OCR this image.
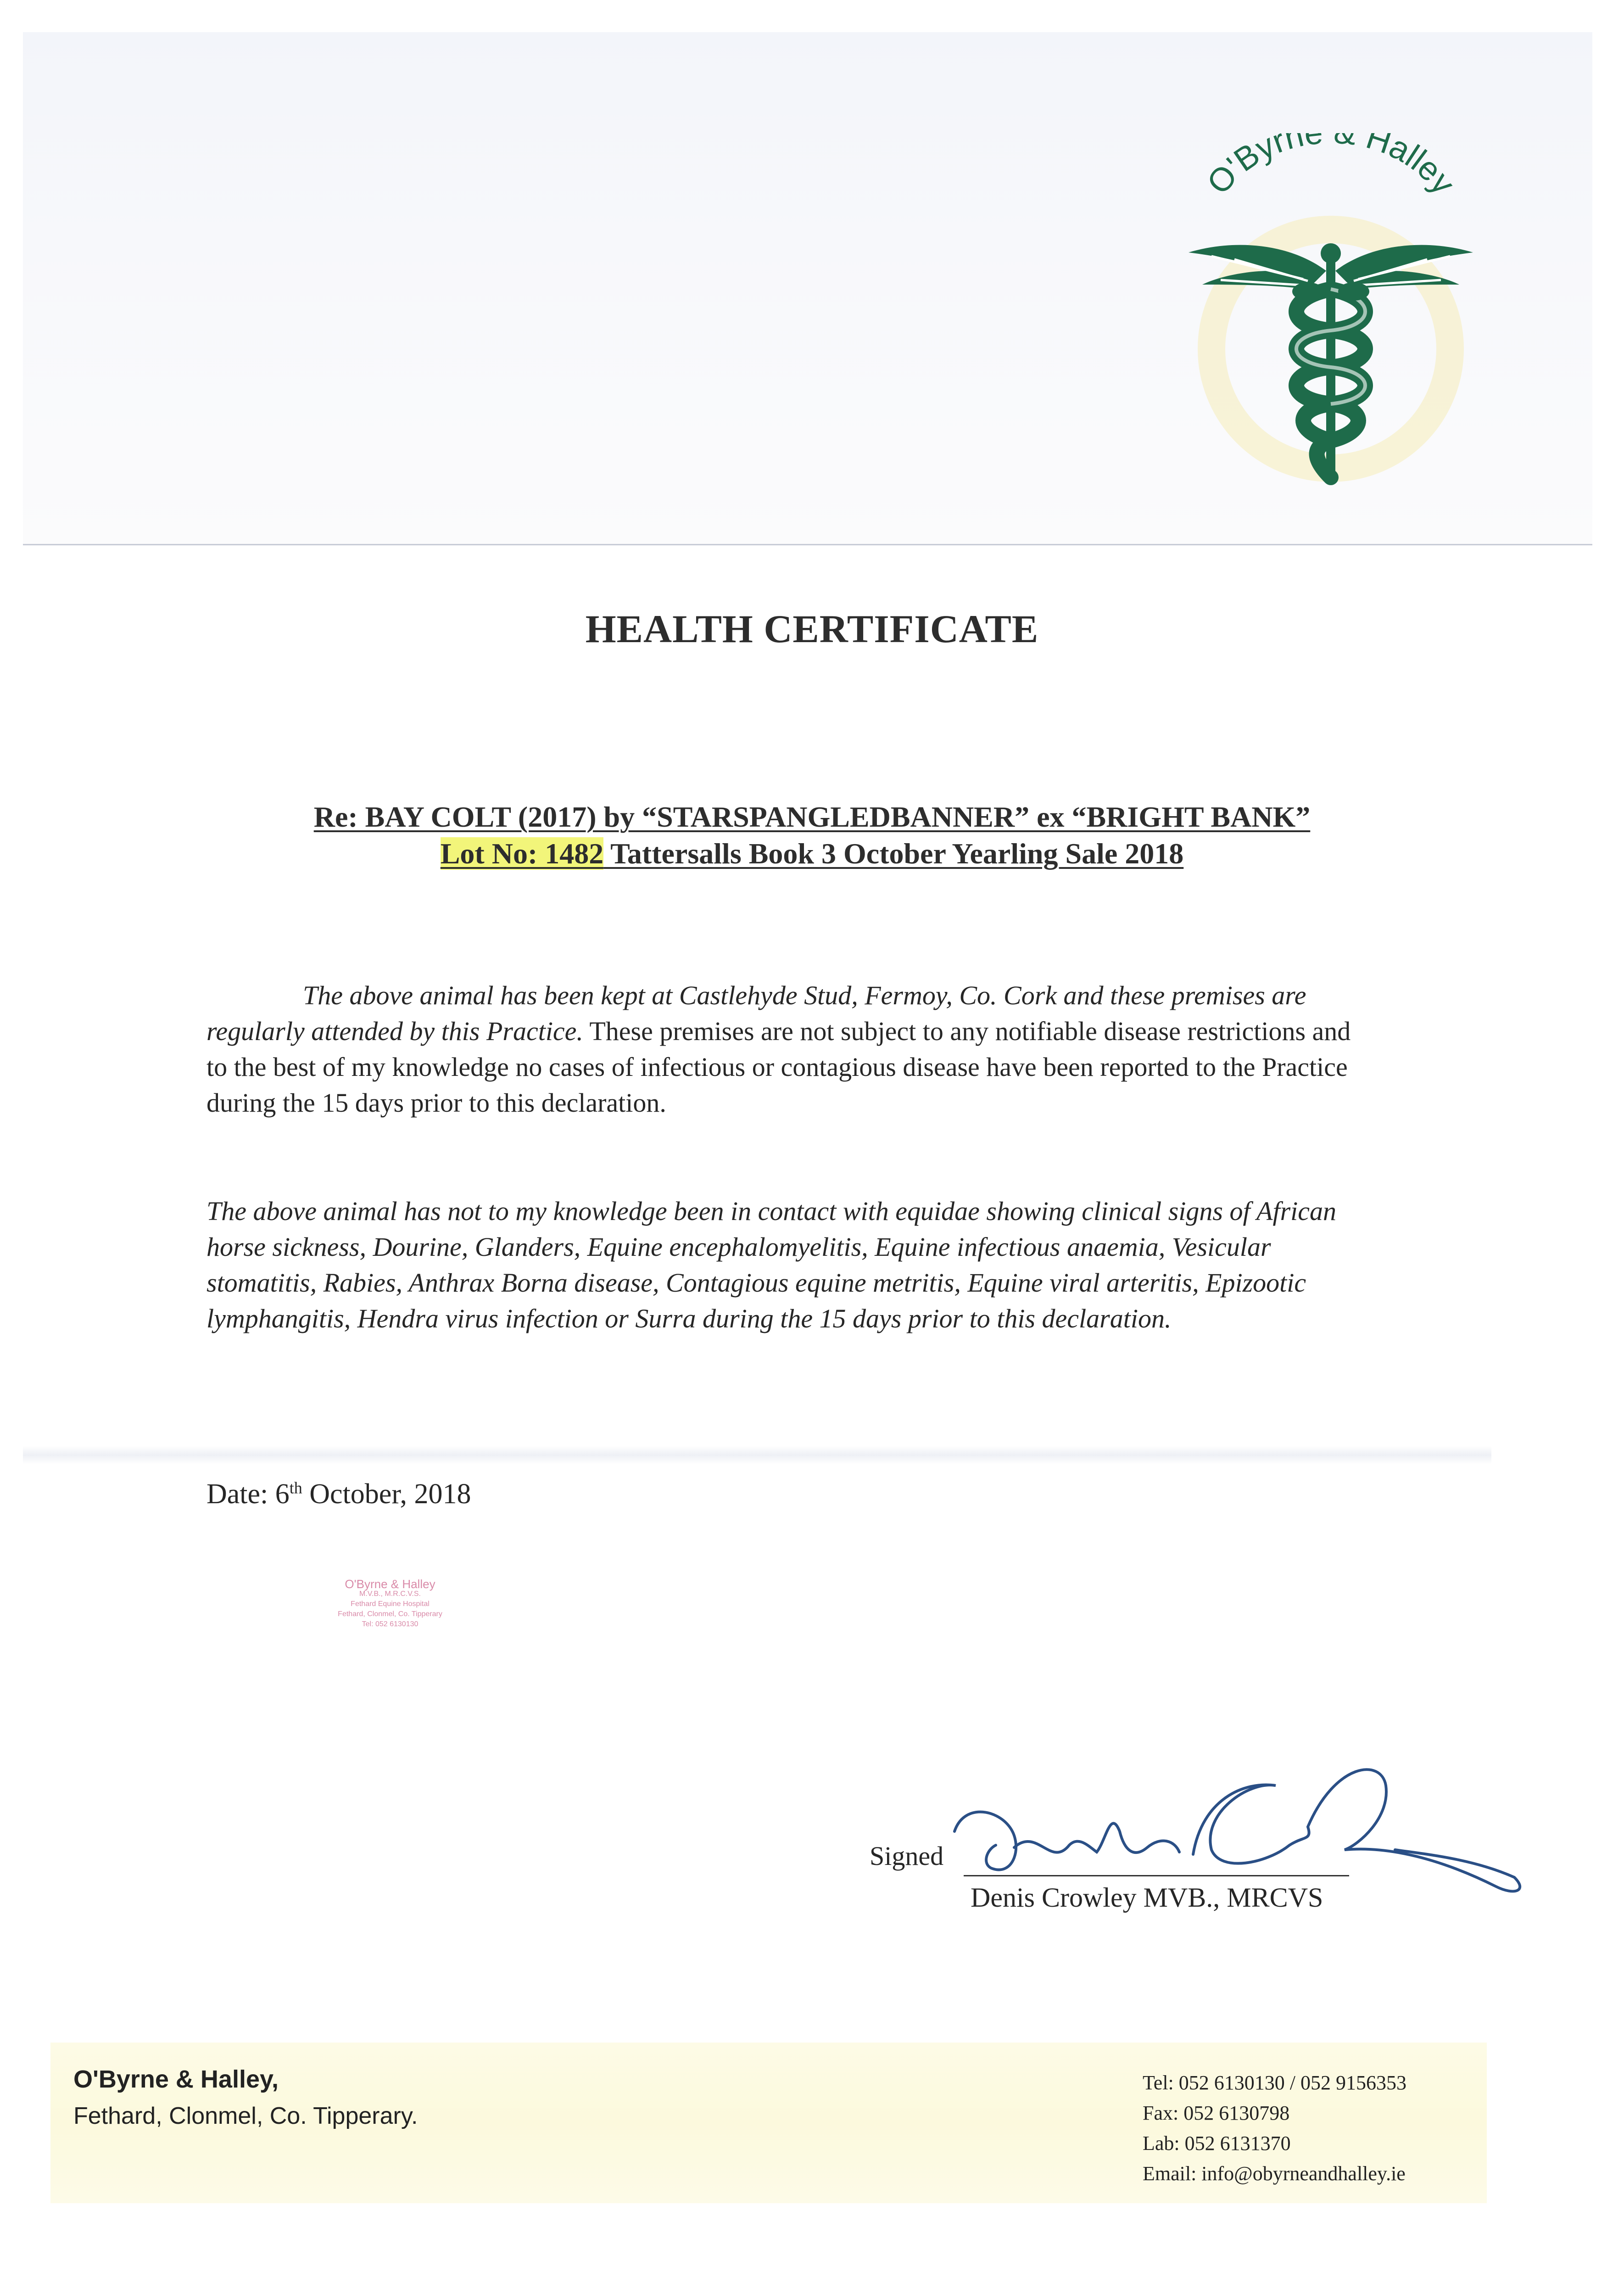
O'Byrne Halley
HEALTH CERTIFICATE
Re: BAY COLT (2017) by “STARSPANGLEDBANNER” ex “BRIGHT BANK”
Lot No: 1482 Tattersalls Book 3 October Yearling Sale 2018
The above animal has been kept at Castlehyde Stud, Fermoy, Co. Cork and these premises are regularly attended by this Practice. These premises are not subject to any notifiable disease restrictions and to the best of my knowledge no cases of infectious or contagious disease have been reported to the Practice during the 15 days prior to this declaration.
The above animal has not to my knowledge been in contact with equidae showing clinical signs of African horse sickness, Dourine, Glanders, Equine encephalomyelitis, Equine infectious anaemia, Vesicular stomatitis, Rabies, Anthrax Borna disease, Contagious equine metritis, Equine viral arteritis, Epizootic lymphangitis, Hendra virus infection or Surra during the 15 days prior to this declaration.
Date: 6th October, 2018
O'Byrne & Halley
M.V.B., M.R.C.V.S.
Fethard Equine Hospital
Fethard, Clonmel, Co. Tipperary
Tel: 052 6130130
Signed
Denis Crowley MVB., MRCVS
O'Byrne & Halley,
Fethard, Clonmel, Co. Tipperary.
Tel: 052 6130130 / 052 9156353
Fax: 052 6130798
Lab: 052 6131370
Email: info@obyrneandhalley.ie
